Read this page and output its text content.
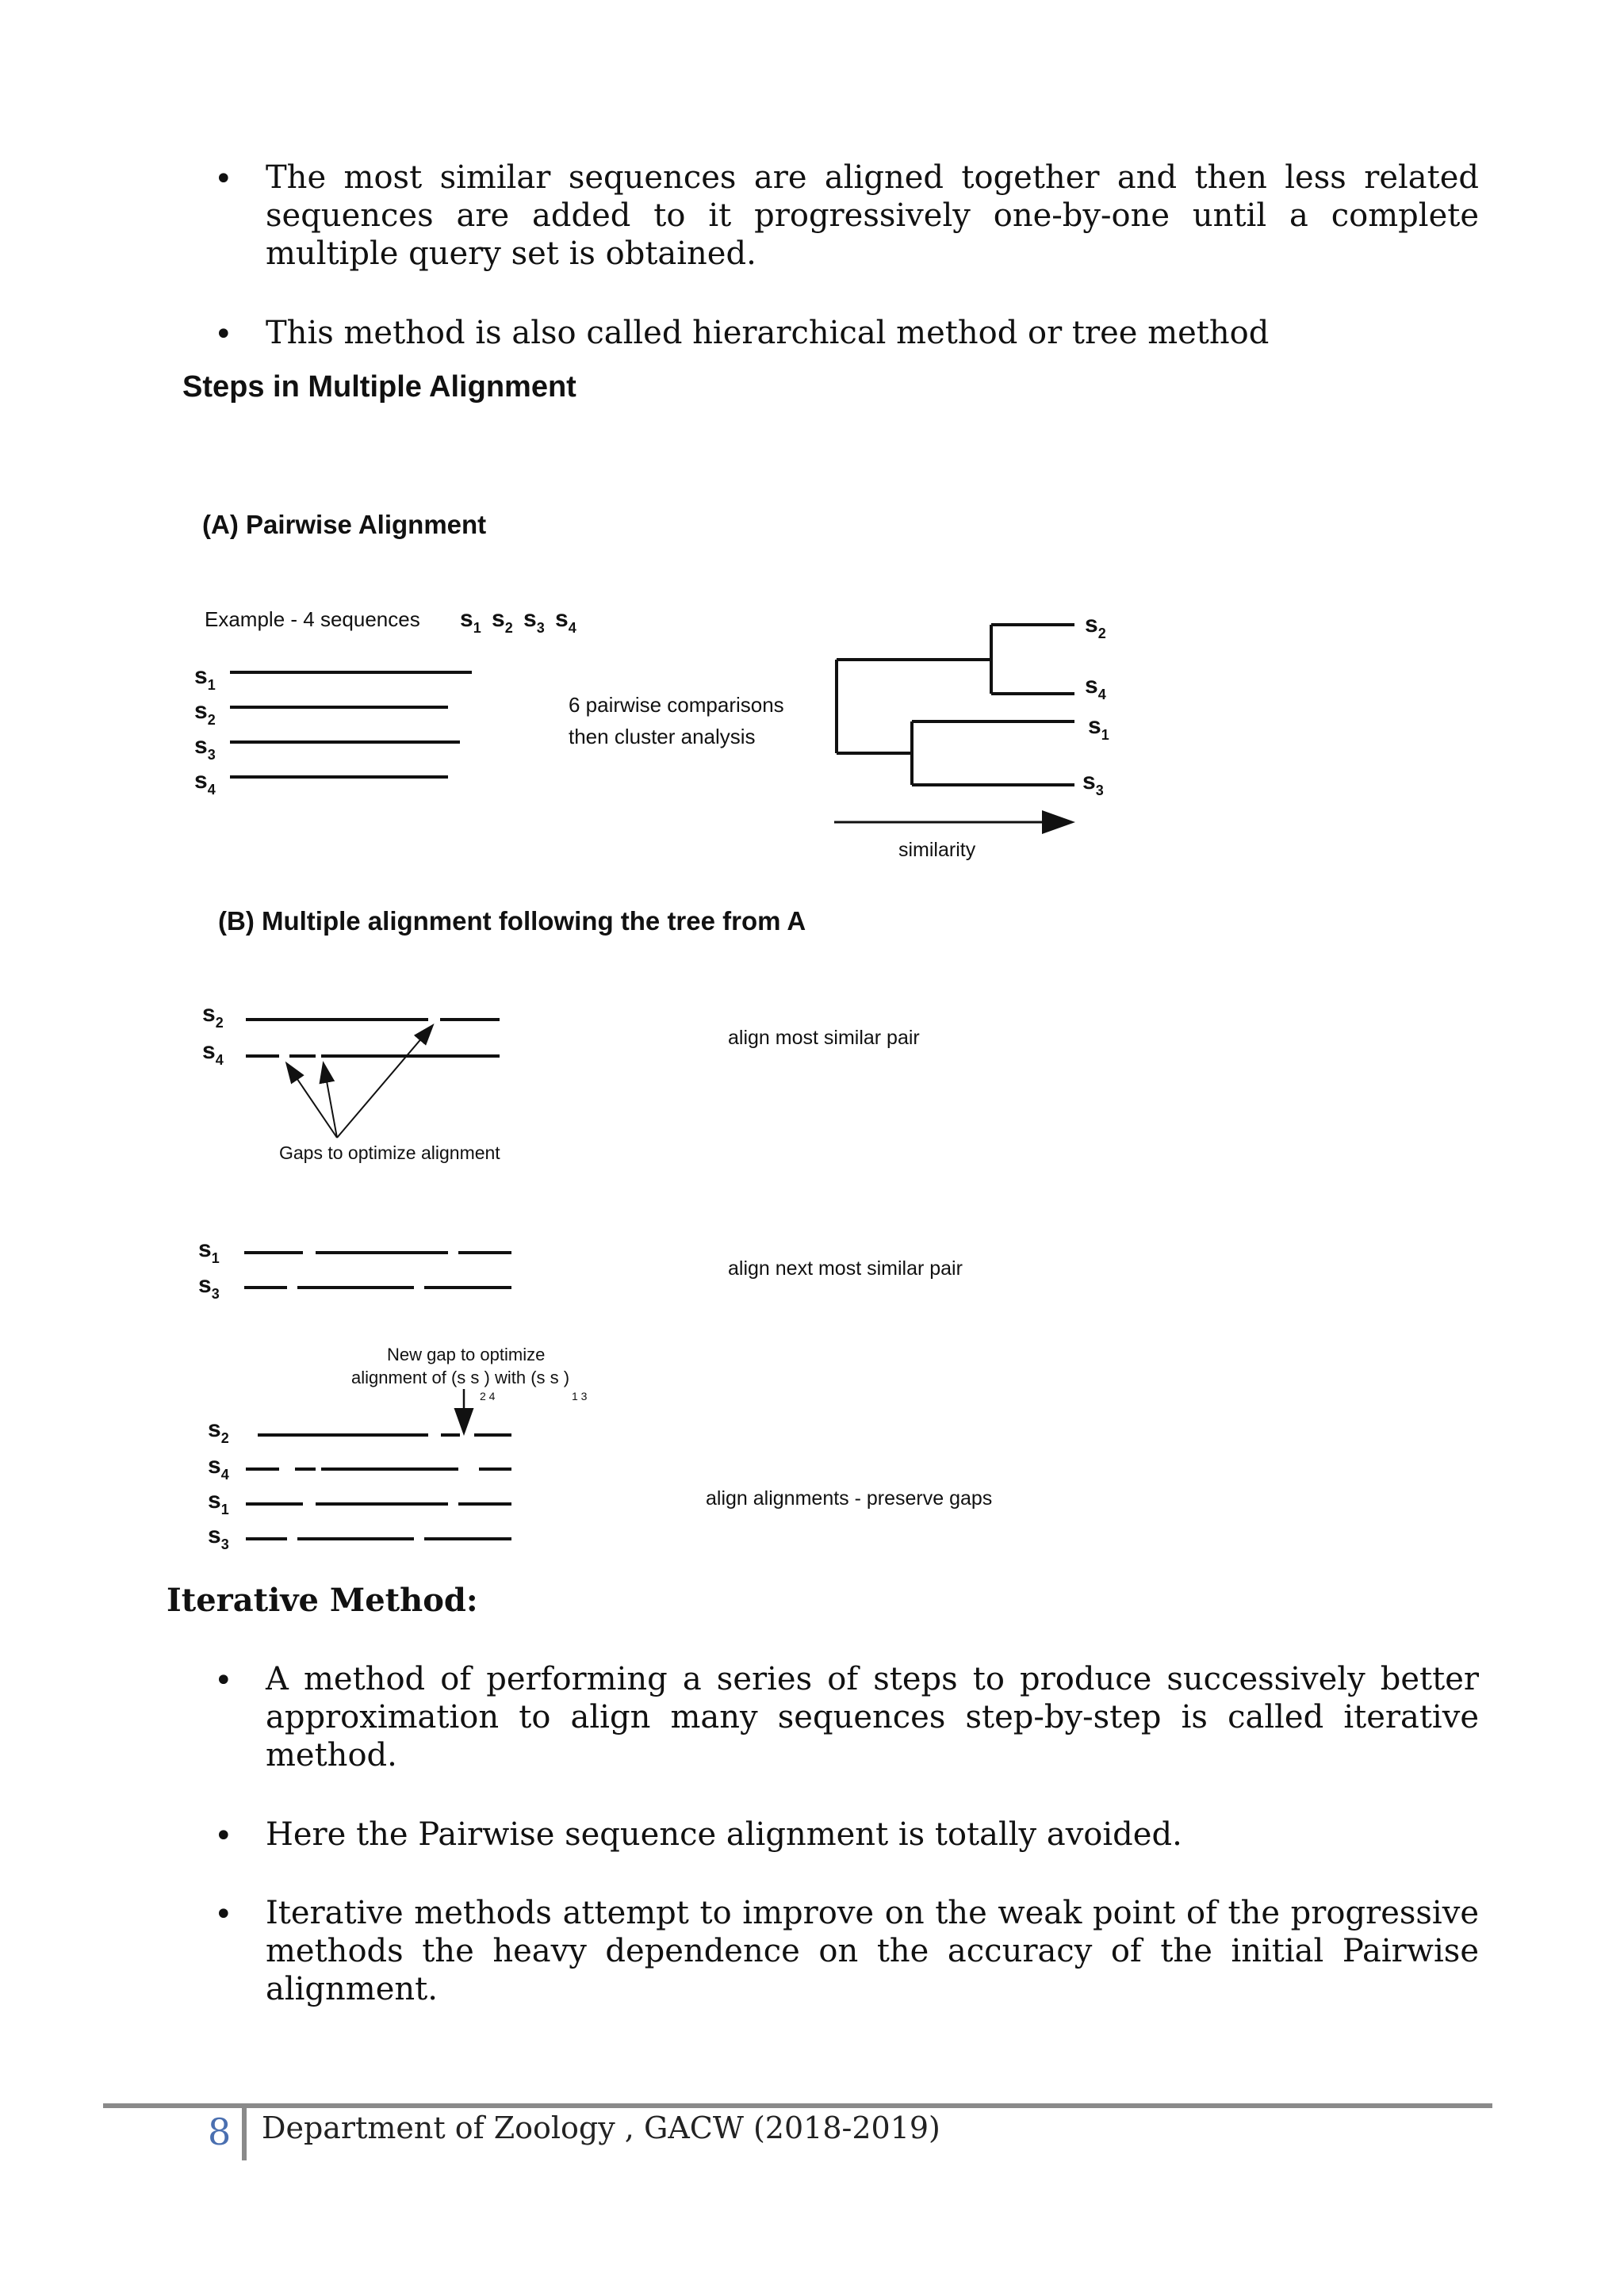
• The most similar sequences are aligned together and then less related sequences are added to it progressively one-by-one until a complete multiple query set is obtained.

• This method is also called hierarchical method or tree method

Steps in Multiple Alignment
(A) Pairwise Alignment
Example - 4 sequences $s_1$ $s_2$ $s_3$ $s_4$
$s_1$
$s_2$
$s_3$
$s_4$
6 pairwise comparisons
then cluster analysis
$s_2$
$s_4$
$s_1$
$s_3$
similarity
(B) Multiple alignment following the tree from A
$s_2$
$s_4$
align most similar pair
Gaps to optimize alignment
$s_1$
$s_3$
align next most similar pair
New gap to optimize
alignment of (s s ) with (s s )
2 4	1 3
$s_2$
$s_4$
$s_1$
$s_3$
align alignments - preserve gaps
Iterative Method:
• A method of performing a series of steps to produce successively better approximation to align many sequences step-by-step is called iterative method.

• Here the Pairwise sequence alignment is totally avoided.

• Iterative methods attempt to improve on the weak point of the progressive methods the heavy dependence on the accuracy of the initial Pairwise alignment.

8 Department of Zoology , GACW (2018-2019)
